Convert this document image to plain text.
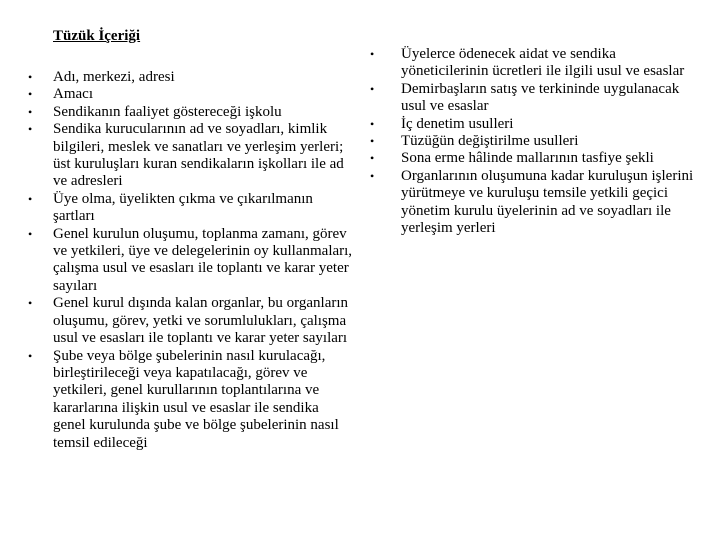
Tüzük İçeriği
• Adı, merkezi, adresi
• Amacı
• Sendikanın faaliyet göstereceği işkolu
• Sendika kurucularının ad ve soyadları, kimlik bilgileri, meslek ve sanatları ve yerleşim yerleri; üst kuruluşları kuran sendikaların işkolları ile ad ve adresleri
• Üye olma, üyelikten çıkma ve çıkarılmanın şartları
• Genel kurulun oluşumu, toplanma zamanı, görev ve yetkileri, üye ve delegelerinin oy kullanmaları, çalışma usul ve esasları ile toplantı ve karar yeter sayıları
• Genel kurul dışında kalan organlar, bu organların oluşumu, görev, yetki ve sorumlulukları, çalışma usul ve esasları ile toplantı ve karar yeter sayıları
• Şube veya bölge şubelerinin nasıl kurulacağı, birleştirileceği veya kapatılacağı, görev ve yetkileri, genel kurullarının toplantılarına ve kararlarına ilişkin usul ve esaslar ile sendika genel kurulunda şube ve bölge şubelerinin nasıl temsil edileceği
• Üyelerce ödenecek aidat ve sendika yöneticilerinin ücretleri ile ilgili usul ve esaslar
• Demirbaşların satış ve terkininde uygulanacak usul ve esaslar
• İç denetim usulleri
• Tüzüğün değiştirilme usulleri
• Sona erme hâlinde mallarının tasfiye şekli
• Organlarının oluşumuna kadar kuruluşun işlerini yürütmeye ve kuruluşu temsile yetkili geçici yönetim kurulu üyelerinin ad ve soyadları ile yerleşim yerleri
